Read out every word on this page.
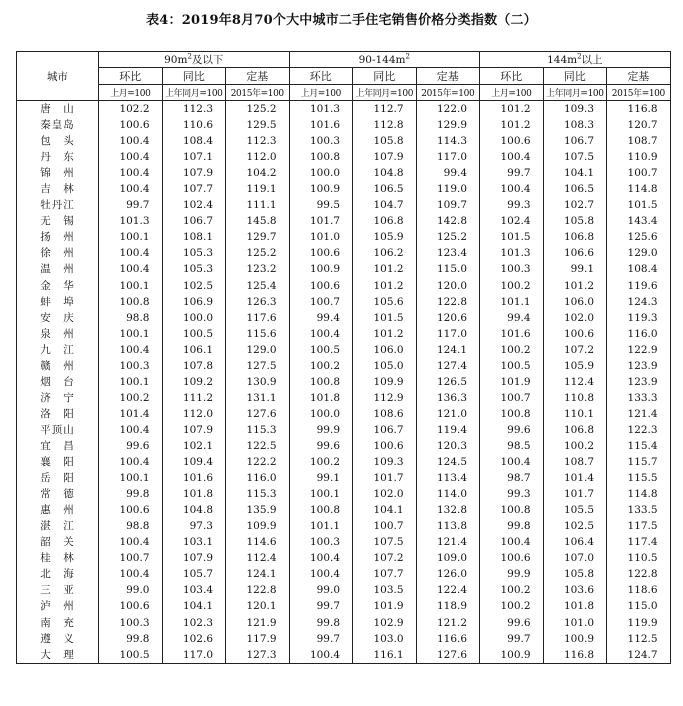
表4：2019年8月70个大中城市二手住宅销售价格分类指数（二）
城市	$90m^2$及以下			$90-144m^2$			$144m^2$以上		
	环比	同比	定基	环比	同比	定基	环比	同比	定基
	上月=100	上年同月=100	2015年=100	上月=100	上年同月=100	2015年=100	上月=100	上年同月=100	2015年=100
唐　山	102.2	112.3	125.2	101.3	112.7	122.0	101.2	109.3	116.8
秦皇岛	100.6	110.6	129.5	101.6	112.8	129.9	101.2	108.3	120.7
包　头	100.4	108.4	112.3	100.3	105.8	114.3	100.6	106.7	108.7
丹　东	100.4	107.1	112.0	100.8	107.9	117.0	100.4	107.5	110.9
锦　州	100.4	107.9	104.2	100.0	104.8	99.4	99.7	104.1	100.7
吉　林	100.4	107.7	119.1	100.9	106.5	119.0	100.4	106.5	114.8
牡丹江	99.7	102.4	111.1	99.5	104.7	109.7	99.3	102.7	101.5
无　锡	101.3	106.7	145.8	101.7	106.8	142.8	102.4	105.8	143.4
扬　州	100.1	108.1	129.7	101.0	105.9	125.2	101.5	106.8	125.6
徐　州	100.4	105.3	125.2	100.6	106.2	123.4	101.3	106.6	129.0
温　州	100.4	105.3	123.2	100.9	101.2	115.0	100.3	99.1	108.4
金　华	100.1	102.5	125.4	100.6	101.2	120.0	100.2	101.2	119.6
蚌　埠	100.8	106.9	126.3	100.7	105.6	122.8	101.1	106.0	124.3
安　庆	98.8	100.0	117.6	99.4	101.5	120.6	99.4	102.0	119.3
泉　州	100.1	100.5	115.6	100.4	101.2	117.0	101.6	100.6	116.0
九　江	100.4	106.1	129.0	100.5	106.0	124.1	100.2	107.2	122.9
赣　州	100.3	107.8	127.5	100.2	105.0	127.4	100.5	105.9	123.9
烟　台	100.1	109.2	130.9	100.8	109.9	126.5	101.9	112.4	123.9
济　宁	100.2	111.2	131.1	101.8	112.9	136.3	100.7	110.8	133.3
洛　阳	101.4	112.0	127.6	100.0	108.6	121.0	100.8	110.1	121.4
平顶山	100.4	107.9	115.3	99.9	106.7	119.4	99.6	106.8	122.3
宜　昌	99.6	102.1	122.5	99.6	100.6	120.3	98.5	100.2	115.4
襄　阳	100.4	109.4	122.2	100.2	109.3	124.5	100.4	108.7	115.7
岳　阳	100.1	101.6	116.0	99.1	101.7	113.4	98.7	101.4	115.5
常　德	99.8	101.8	115.3	100.1	102.0	114.0	99.3	101.7	114.8
惠　州	100.6	104.8	135.9	100.8	104.1	132.8	100.8	105.5	133.5
湛　江	98.8	97.3	109.9	101.1	100.7	113.8	99.8	102.5	117.5
韶　关	100.4	103.1	114.6	100.3	107.5	121.4	100.4	106.4	117.4
桂　林	100.7	107.9	112.4	100.4	107.2	109.0	100.6	107.0	110.5
北　海	100.4	105.7	124.1	100.4	107.7	126.0	99.9	105.8	122.8
三　亚	99.0	103.4	122.8	99.0	103.5	122.4	100.2	103.6	118.6
泸　州	100.6	104.1	120.1	99.7	101.9	118.9	100.2	101.8	115.0
南　充	100.3	102.3	121.9	99.8	102.9	121.2	99.6	101.0	119.9
遵　义	99.8	102.6	117.9	99.7	103.0	116.6	99.7	100.9	112.5
大　理	100.5	117.0	127.3	100.4	116.1	127.6	100.9	116.8	124.7
